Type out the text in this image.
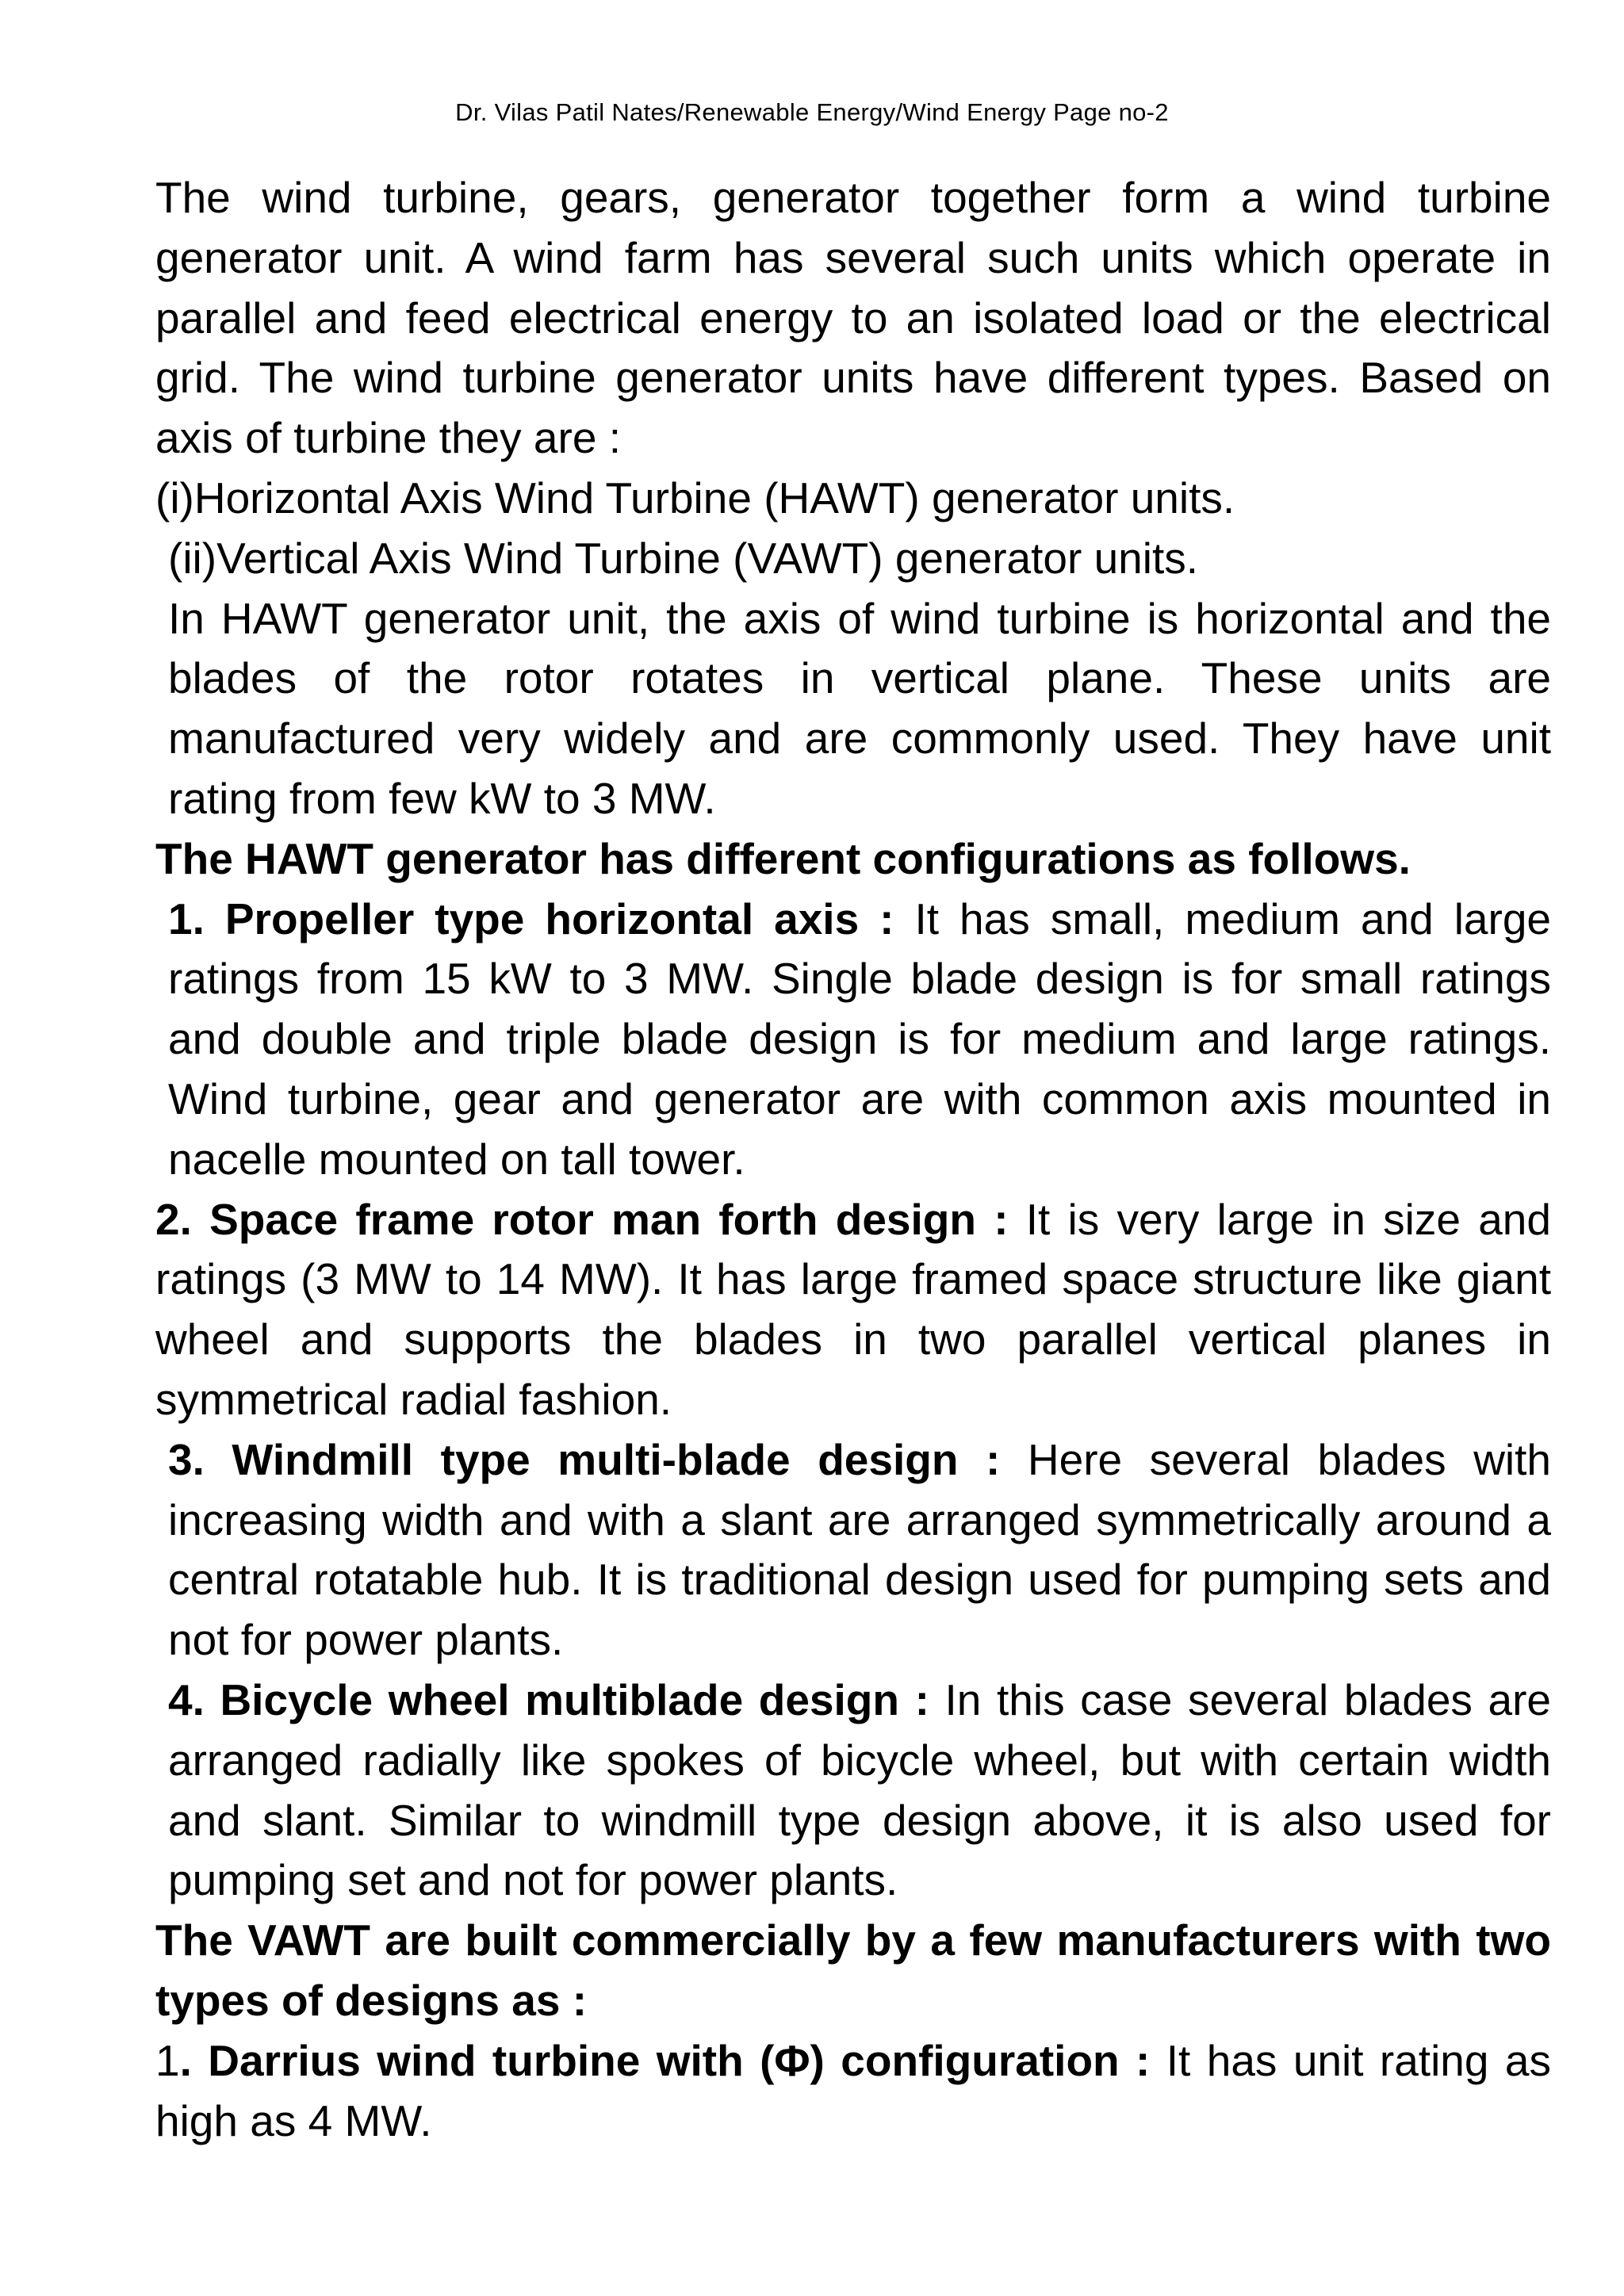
Dr. Vilas Patil Nates/Renewable Energy/Wind Energy Page no-2

The wind turbine, gears, generator together form a wind turbine generator unit. A wind farm has several such units which operate in parallel and feed electrical energy to an isolated load or the electrical grid. The wind turbine generator units have different types. Based on axis of turbine they are :

(i)Horizontal Axis Wind Turbine (HAWT) generator units.

(ii)Vertical Axis Wind Turbine (VAWT) generator units.

In HAWT generator unit, the axis of wind turbine is horizontal and the blades of the rotor rotates in vertical plane. These units are manufactured very widely and are commonly used. They have unit rating from few kW to 3 MW.

The HAWT generator has different configurations as follows.

1. Propeller type horizontal axis : It has small, medium and large ratings from 15 kW to 3 MW. Single blade design is for small ratings and double and triple blade design is for medium and large ratings. Wind turbine, gear and generator are with common axis mounted in nacelle mounted on tall tower.

2. Space frame rotor man forth design : It is very large in size and ratings (3 MW to 14 MW). It has large framed space structure like giant wheel and supports the blades in two parallel vertical planes in symmetrical radial fashion.

3. Windmill type multi-blade design : Here several blades with increasing width and with a slant are arranged symmetrically around a central rotatable hub. It is traditional design used for pumping sets and not for power plants.

4. Bicycle wheel multiblade design : In this case several blades are arranged radially like spokes of bicycle wheel, but with certain width and slant. Similar to windmill type design above, it is also used for pumping set and not for power plants.

The VAWT are built commercially by a few manufacturers with two types of designs as :

1. Darrius wind turbine with (Φ) configuration : It has unit rating as high as 4 MW.
